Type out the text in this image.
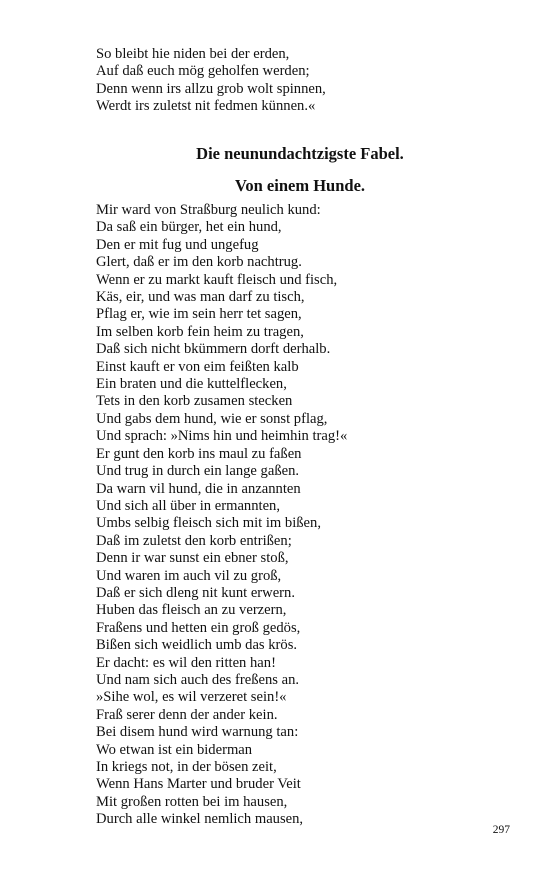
So bleibt hie niden bei der erden,
Auf daß euch mög geholfen werden;
Denn wenn irs allzu grob wolt spinnen,
Werdt irs zuletst nit fedmen künnen.«
Die neunundachtzigste Fabel.
Von einem Hunde.
Mir ward von Straßburg neulich kund:
Da saß ein bürger, het ein hund,
Den er mit fug und ungefug
Glert, daß er im den korb nachtrug.
Wenn er zu markt kauft fleisch und fisch,
Käs, eir, und was man darf zu tisch,
Pflag er, wie im sein herr tet sagen,
Im selben korb fein heim zu tragen,
Daß sich nicht bkümmern dorft derhalb.
Einst kauft er von eim feißten kalb
Ein braten und die kuttelflecken,
Tets in den korb zusamen stecken
Und gabs dem hund, wie er sonst pflag,
Und sprach: »Nims hin und heimhin trag!«
Er gunt den korb ins maul zu faßen
Und trug in durch ein lange gaßen.
Da warn vil hund, die in anzannten
Und sich all über in ermannten,
Umbs selbig fleisch sich mit im bißen,
Daß im zuletst den korb entrißen;
Denn ir war sunst ein ebner stoß,
Und waren im auch vil zu groß,
Daß er sich dleng nit kunt erwern.
Huben das fleisch an zu verzern,
Fraßens und hetten ein groß gedös,
Bißen sich weidlich umb das krös.
Er dacht: es wil den ritten han!
Und nam sich auch des freßens an.
»Sihe wol, es wil verzeret sein!«
Fraß serer denn der ander kein.
Bei disem hund wird warnung tan:
Wo etwan ist ein biderman
In kriegs not, in der bösen zeit,
Wenn Hans Marter und bruder Veit
Mit großen rotten bei im hausen,
Durch alle winkel nemlich mausen,
297
